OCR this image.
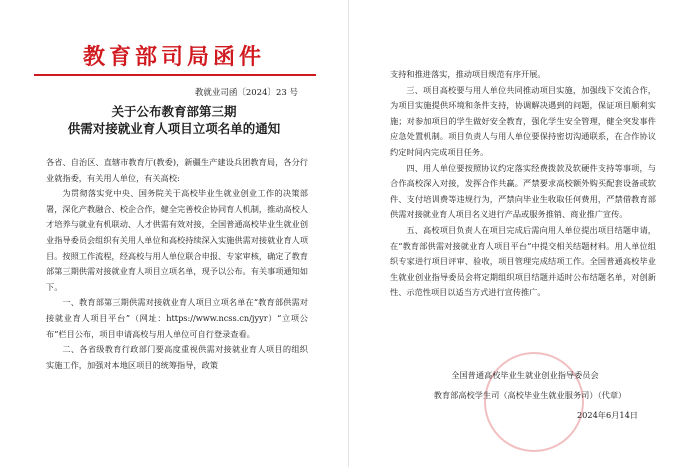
教育部司局函件
教就业司函〔2024〕23 号
关于公布教育部第三期
供需对接就业育人项目立项名单的通知

各省、自治区、直辖市教育厅(教委)，新疆生产建设兵团教育局，各分行业就指委，有关用人单位，有关高校:

为贯彻落实党中央、国务院关于高校毕业生就业创业工作的决策部署，深化产教融合、校企合作，健全完善校企协同育人机制，推动高校人才培养与就业有机联动、人才供需有效对接，全国普通高校毕业生就业创业指导委员会组织有关用人单位和高校持续深入实施供需对接就业育人项目。按照工作流程，经高校与用人单位联合申报、专家审核，确定了教育部第三期供需对接就业育人项目立项名单，现予以公布。有关事项通知如下。

一、教育部第三期供需对接就业育人项目立项名单在“教育部供需对接就业育人项目平台”（网址：https://www.ncss.cn/jyyr）“立项公布”栏目公布，项目申请高校与用人单位可自行登录查看。

二、各省级教育行政部门要高度重视供需对接就业育人项目的组织实施工作，加强对本地区项目的统筹指导，政策

支持和推进落实，推动项目规范有序开展。

三、项目高校要与用人单位共同推动项目实施，加强线下交流合作，为项目实施提供环境和条件支持，协调解决遇到的问题，保证项目顺利实施；对参加项目的学生做好安全教育，强化学生安全管理，健全突发事件应急处置机制。项目负责人与用人单位要保持密切沟通联系，在合作协议约定时间内完成项目任务。

四、用人单位要按照协议约定落实经费拨款及软硬件支持等事项，与合作高校深入对接，发挥合作共赢。严禁要求高校额外购买配套设备或软件、支付培训费等违规行为，严禁向毕业生收取任何费用，严禁借教育部供需对接就业育人项目名义进行产品或服务推销、商业推广宣传。

五、高校项目负责人在项目完成后需向用人单位提出项目结题申请，在“教育部供需对接就业育人项目平台”中提交相关结题材料。用人单位组织专家进行项目评审、验收，项目管理完成结项工作。全国普通高校毕业生就业创业指导委员会将定期组织项目结题并适时公布结题名单，对创新性、示范性项目以适当方式进行宣传推广。

全国普通高校毕业生就业创业指导委员会
教育部高校学生司（高校毕业生就业服务司）（代章）
2024年6月14日
